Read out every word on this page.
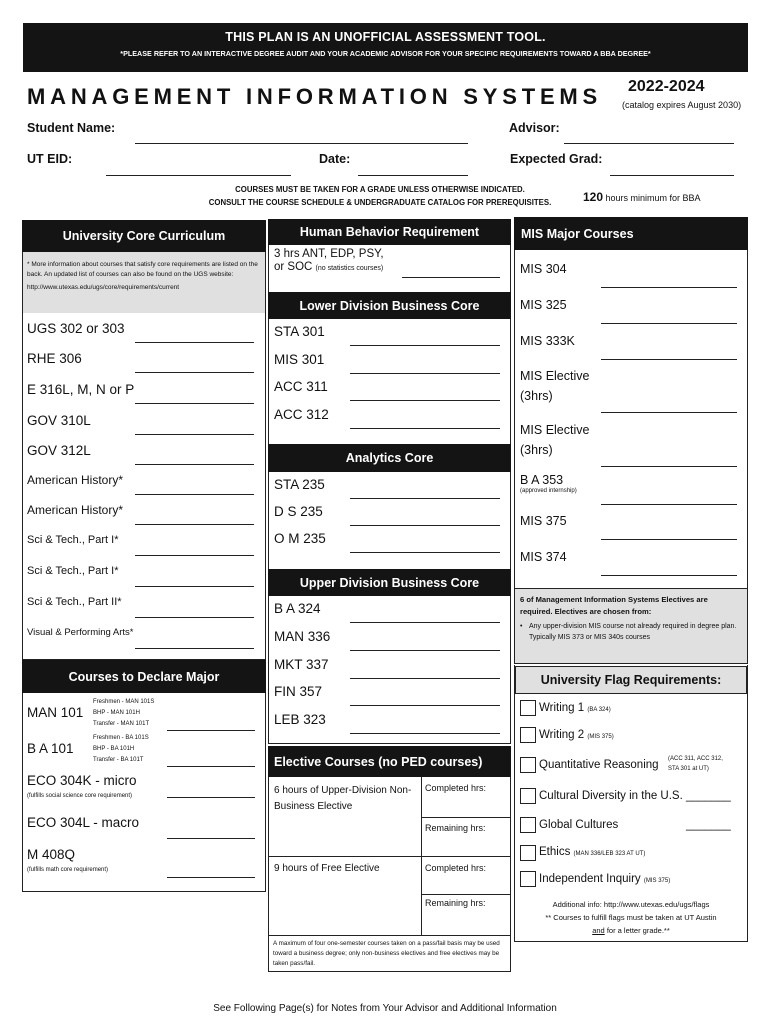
THIS PLAN IS AN UNOFFICIAL ASSESSMENT TOOL.
*PLEASE REFER TO AN INTERACTIVE DEGREE AUDIT AND YOUR ACADEMIC ADVISOR FOR YOUR SPECIFIC REQUIREMENTS TOWARD A BBA DEGREE*
MANAGEMENT INFORMATION SYSTEMS 2022-2024
(catalog expires August 2030)
Student Name:	Advisor:
UT EID:	Date:	Expected Grad:
COURSES MUST BE TAKEN FOR A GRADE UNLESS OTHERWISE INDICATED.
CONSULT THE COURSE SCHEDULE & UNDERGRADUATE CATALOG FOR PREREQUISITES.	120 hours minimum for BBA
University Core Curriculum
* More information about courses that satisfy core requirements are listed on the back. An updated list of courses can also be found on the UGS website:
http://www.utexas.edu/ugs/core/requirements/current
UGS 302 or 303
RHE 306
E 316L, M, N or P
GOV 310L
GOV 312L
American History*
American History*
Sci & Tech., Part I*
Sci & Tech., Part I*
Sci & Tech., Part II*
Visual & Performing Arts*
Courses to Declare Major
MAN 101
Freshmen - MAN 101S
BHP - MAN 101H
Transfer - MAN 101T
B A 101
Freshmen - BA 101S
BHP - BA 101H
Transfer - BA 101T
ECO 304K - micro
(fulfills social science core requirement)
ECO 304L - macro
M 408Q
(fulfills math core requirement)
Human Behavior Requirement
3 hrs ANT, EDP, PSY,
or SOC (no statistics courses)
Lower Division Business Core
STA 301
MIS 301
ACC 311
ACC 312
Analytics Core
STA 235
D S 235
O M 235
Upper Division Business Core
B A 324
MAN 336
MKT 337
FIN 357
LEB 323
Elective Courses (no PED courses)
6 hours of Upper-Division Non-Business Elective
Completed hrs:
Remaining hrs:
9 hours of Free Elective	Completed hrs:
Remaining hrs:
A maximum of four one-semester courses taken on a pass/fail basis may be used toward a business degree; only non-business electives and free electives may be taken pass/fail.
MIS Major Courses
MIS 304
MIS 325
MIS 333K
MIS Elective
(3hrs)
MIS Elective
(3hrs)
B A 353
(approved internship)
MIS 375
MIS 374
6 of Management Information Systems Electives are required. Electives are chosen from:
• Any upper-division MIS course not already required in degree plan. Typically MIS 373 or MIS 340s courses
University Flag Requirements:
Writing 1 (BA 324)
Writing 2 (MIS 375)
Quantitative Reasoning (ACC 311, ACC 312,
STA 301 at UT)
Cultural Diversity in the U.S. _______
Global Cultures	_______
Ethics (MAN 336/LEB 323 AT UT)
Independent Inquiry (MIS 375)
Additional info: http://www.utexas.edu/ugs/flags
** Courses to fulfill flags must be taken at UT Austin
and for a letter grade.**
See Following Page(s) for Notes from Your Advisor and Additional Information
